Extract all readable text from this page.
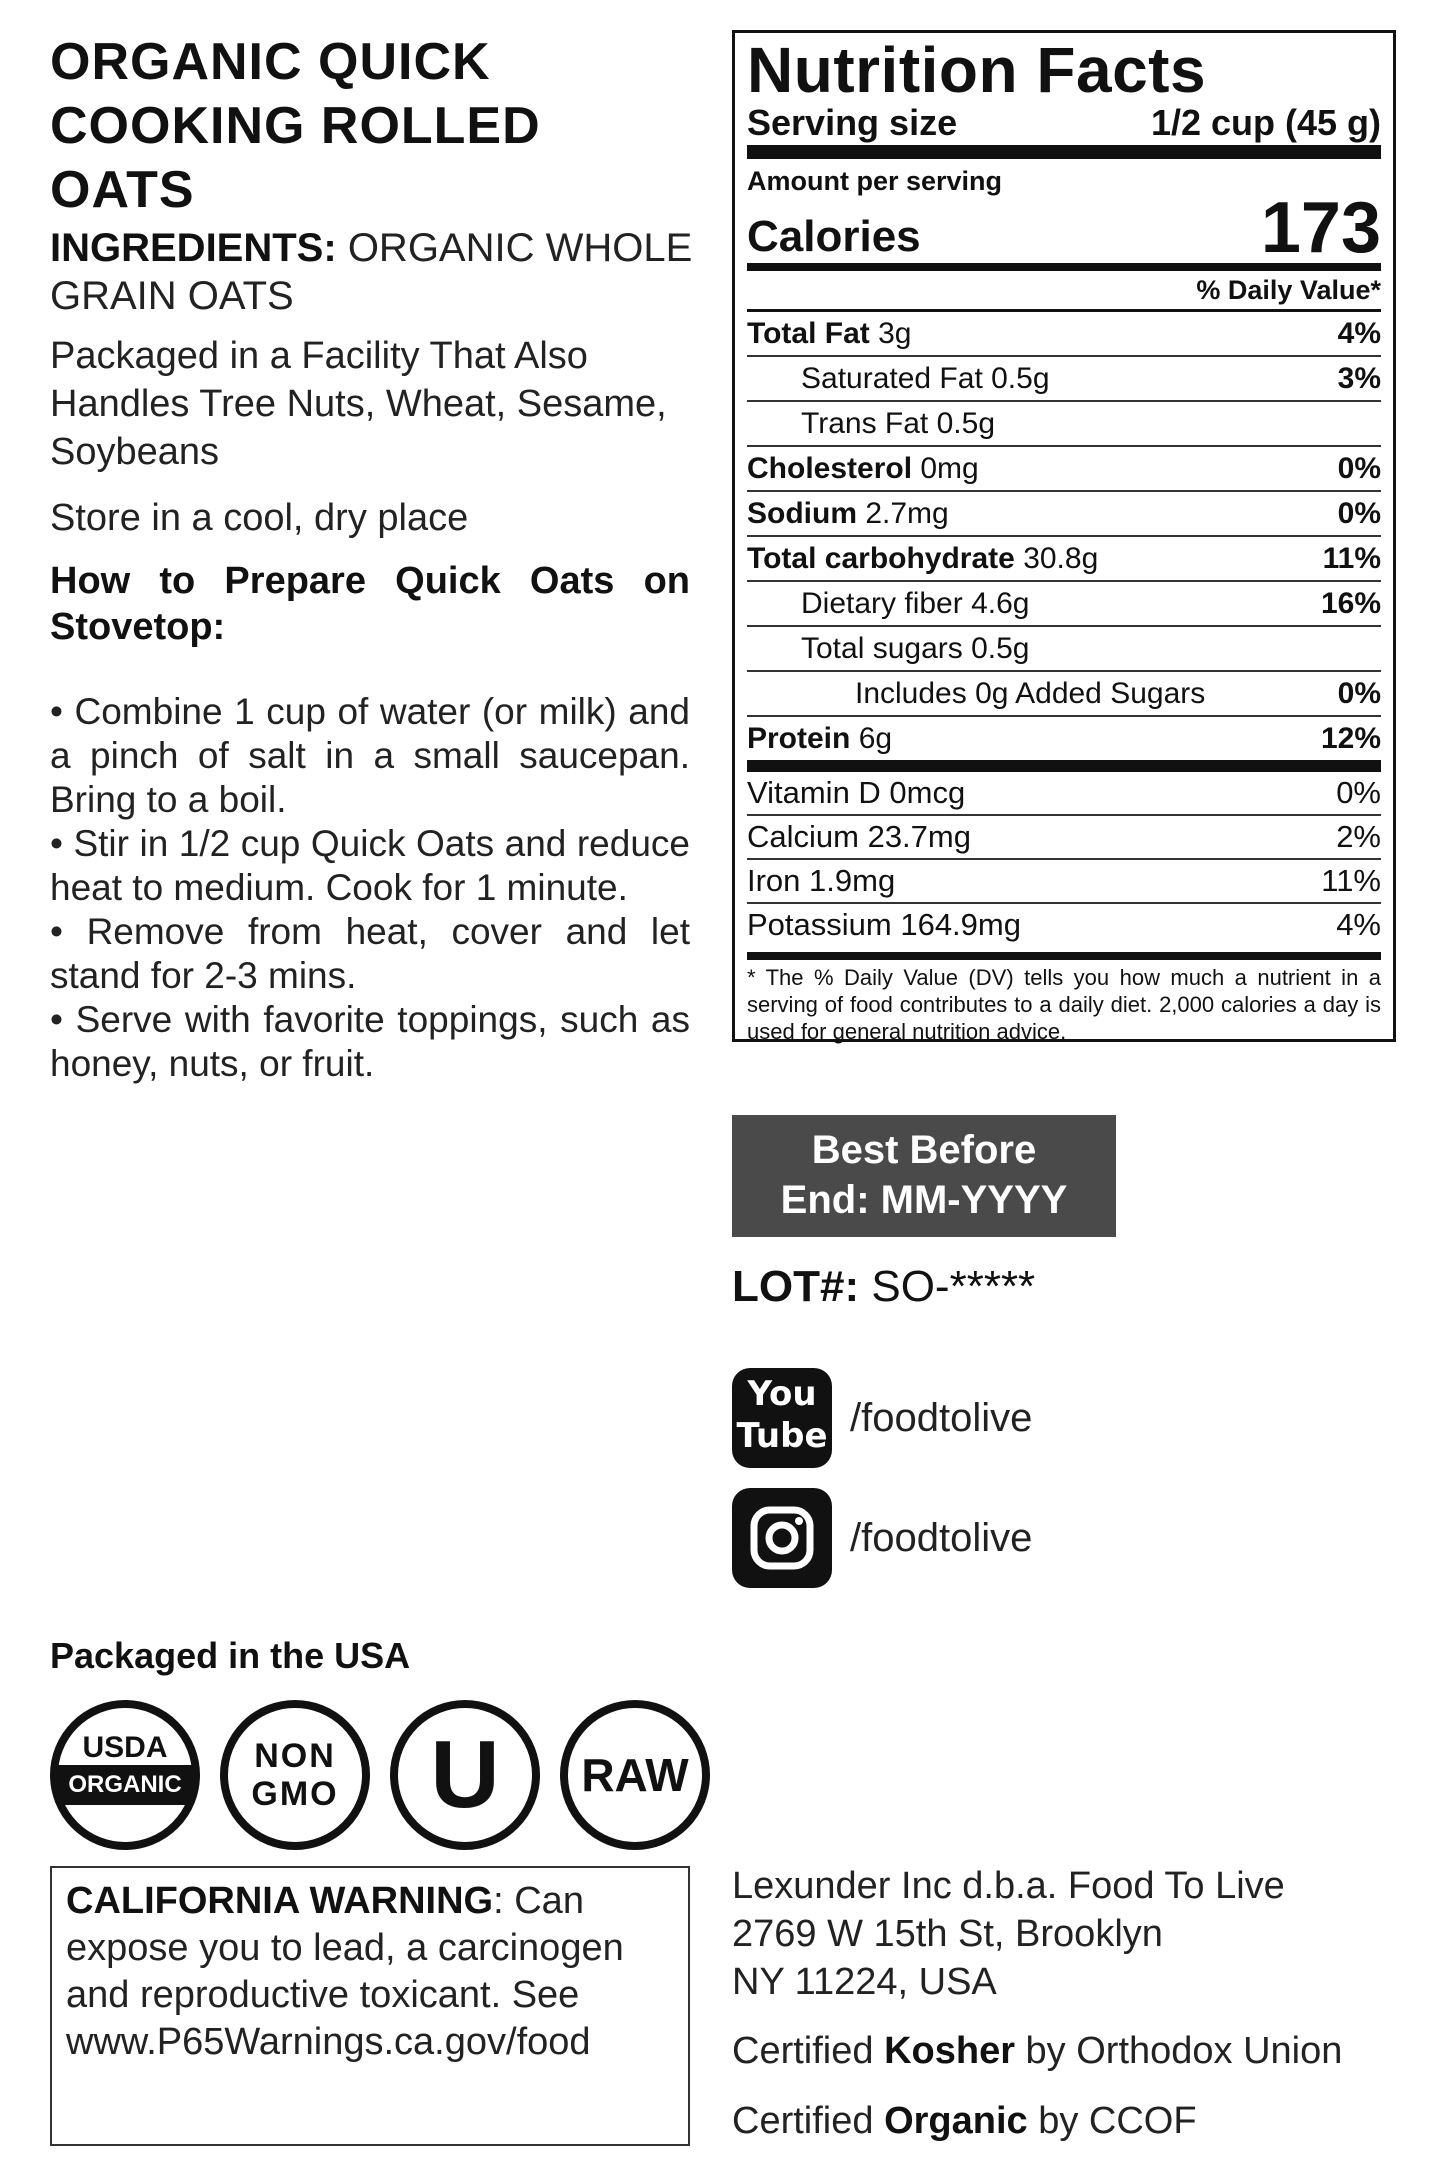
ORGANIC QUICK COOKING ROLLED OATS
INGREDIENTS: ORGANIC WHOLE GRAIN OATS
Packaged in a Facility That Also Handles Tree Nuts, Wheat, Sesame, Soybeans
Store in a cool, dry place
How to Prepare Quick Oats on Stovetop:
• Combine 1 cup of water (or milk) and a pinch of salt in a small saucepan. Bring to a boil.
• Stir in 1/2 cup Quick Oats and reduce heat to medium. Cook for 1 minute.
• Remove from heat, cover and let stand for 2-3 mins.
• Serve with favorite toppings, such as honey, nuts, or fruit.
Nutrition Facts
Serving size	1/2 cup (45 g)
Amount per serving
Calories	173
% Daily Value*
Total Fat 3g	4%
Saturated Fat 0.5g	3%
Trans Fat 0.5g
Cholesterol 0mg	0%
Sodium 2.7mg	0%
Total carbohydrate 30.8g	11%
Dietary fiber 4.6g	16%
Total sugars 0.5g
Includes 0g Added Sugars	0%
Protein 6g	12%
Vitamin D 0mcg	0%
Calcium 23.7mg	2%
Iron 1.9mg	11%
Potassium 164.9mg	4%
* The % Daily Value (DV) tells you how much a nutrient in a serving of food contributes to a daily diet. 2,000 calories a day is used for general nutrition advice.
Best Before
End: MM-YYYY
LOT#: SO-*****
You
Tube /foodtolive
/foodtolive
Packaged in the USA
USDA
ORGANIC
NON
GMO U RAW
CALIFORNIA WARNING: Can expose you to lead, a carcinogen and reproductive toxicant. See www.P65Warnings.ca.gov/food
Lexunder Inc d.b.a. Food To Live
2769 W 15th St, Brooklyn
NY 11224, USA
Certified Kosher by Orthodox Union
Certified Organic by CCOF
